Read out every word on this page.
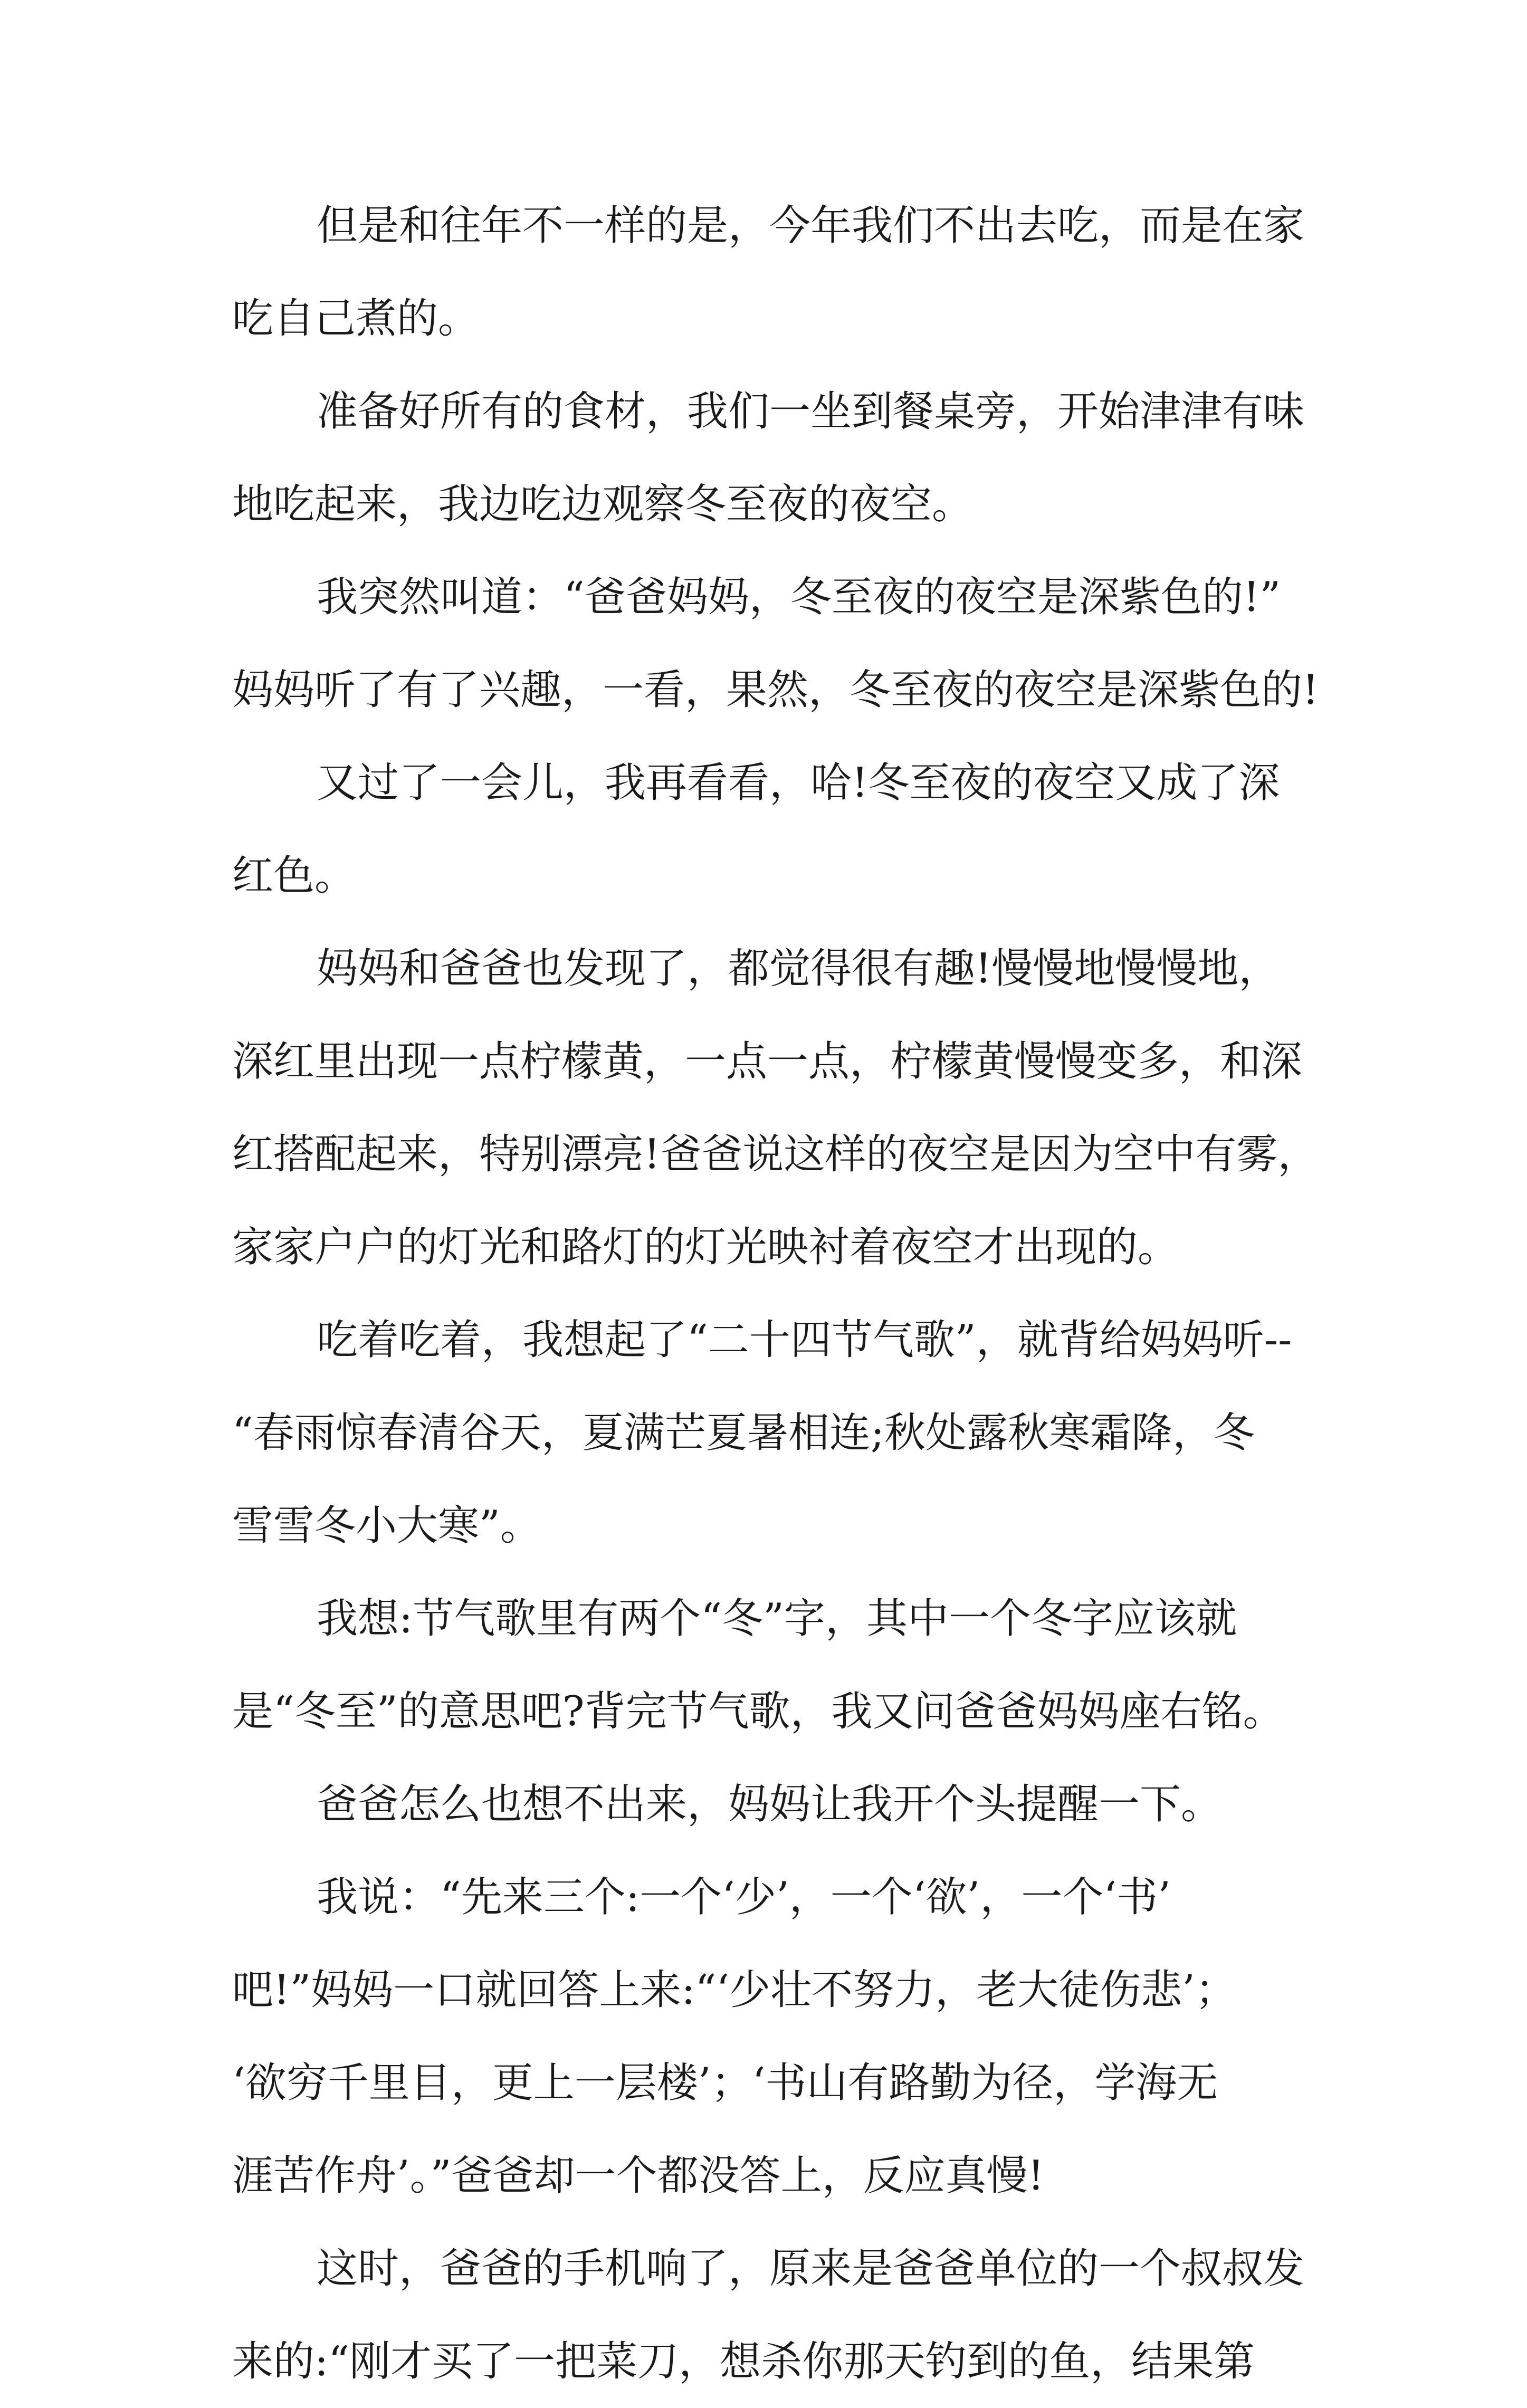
但是和往年不一样的是，今年我们不出去吃，而是在家
吃自己煮的。
准备好所有的食材，我们一坐到餐桌旁，开始津津有味
地吃起来，我边吃边观察冬至夜的夜空。
我突然叫道：“爸爸妈妈，冬至夜的夜空是深紫色的!”
妈妈听了有了兴趣，一看，果然，冬至夜的夜空是深紫色的!
又过了一会儿，我再看看，哈!冬至夜的夜空又成了深
红色。
妈妈和爸爸也发现了，都觉得很有趣!慢慢地慢慢地，
深红里出现一点柠檬黄，一点一点，柠檬黄慢慢变多，和深
红搭配起来，特别漂亮!爸爸说这样的夜空是因为空中有雾，
家家户户的灯光和路灯的灯光映衬着夜空才出现的。
吃着吃着，我想起了“二十四节气歌”，就背给妈妈听--
“春雨惊春清谷天，夏满芒夏暑相连;秋处露秋寒霜降，冬
雪雪冬小大寒”。
我想:节气歌里有两个“冬”字，其中一个冬字应该就
是“冬至”的意思吧?背完节气歌，我又问爸爸妈妈座右铭。
爸爸怎么也想不出来，妈妈让我开个头提醒一下。
我说：“先来三个:一个‘少’，一个‘欲’，一个‘书’
吧!”妈妈一口就回答上来:“‘少壮不努力，老大徒伤悲’；
‘欲穷千里目，更上一层楼’；‘书山有路勤为径，学海无
涯苦作舟’。”爸爸却一个都没答上，反应真慢!
这时，爸爸的手机响了，原来是爸爸单位的一个叔叔发
来的:“刚才买了一把菜刀，想杀你那天钓到的鱼，结果第
